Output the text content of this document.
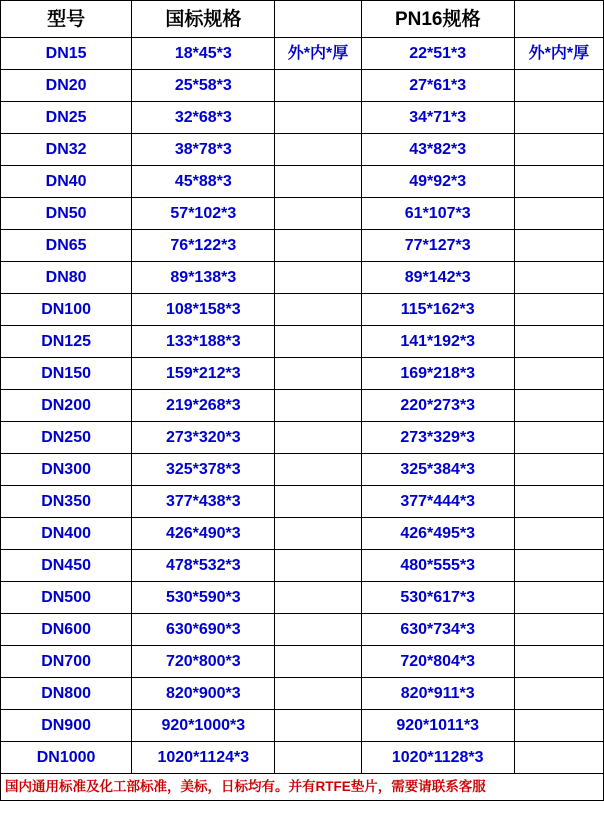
型号	国标规格		PN16规格	
DN15	18*45*3	外*内*厚	22*51*3	外*内*厚
DN20	25*58*3		27*61*3	
DN25	32*68*3		34*71*3	
DN32	38*78*3		43*82*3	
DN40	45*88*3		49*92*3	
DN50	57*102*3		61*107*3	
DN65	76*122*3		77*127*3	
DN80	89*138*3		89*142*3	
DN100	108*158*3		115*162*3	
DN125	133*188*3		141*192*3	
DN150	159*212*3		169*218*3	
DN200	219*268*3		220*273*3	
DN250	273*320*3		273*329*3	
DN300	325*378*3		325*384*3	
DN350	377*438*3		377*444*3	
DN400	426*490*3		426*495*3	
DN450	478*532*3		480*555*3	
DN500	530*590*3		530*617*3	
DN600	630*690*3		630*734*3	
DN700	720*800*3		720*804*3	
DN800	820*900*3		820*911*3	
DN900	920*1000*3		920*1011*3	
DN1000	1020*1124*3		1020*1128*3	
国内通用标准及化工部标准，美标，日标均有。并有RTFE垫片，需要请联系客服				
